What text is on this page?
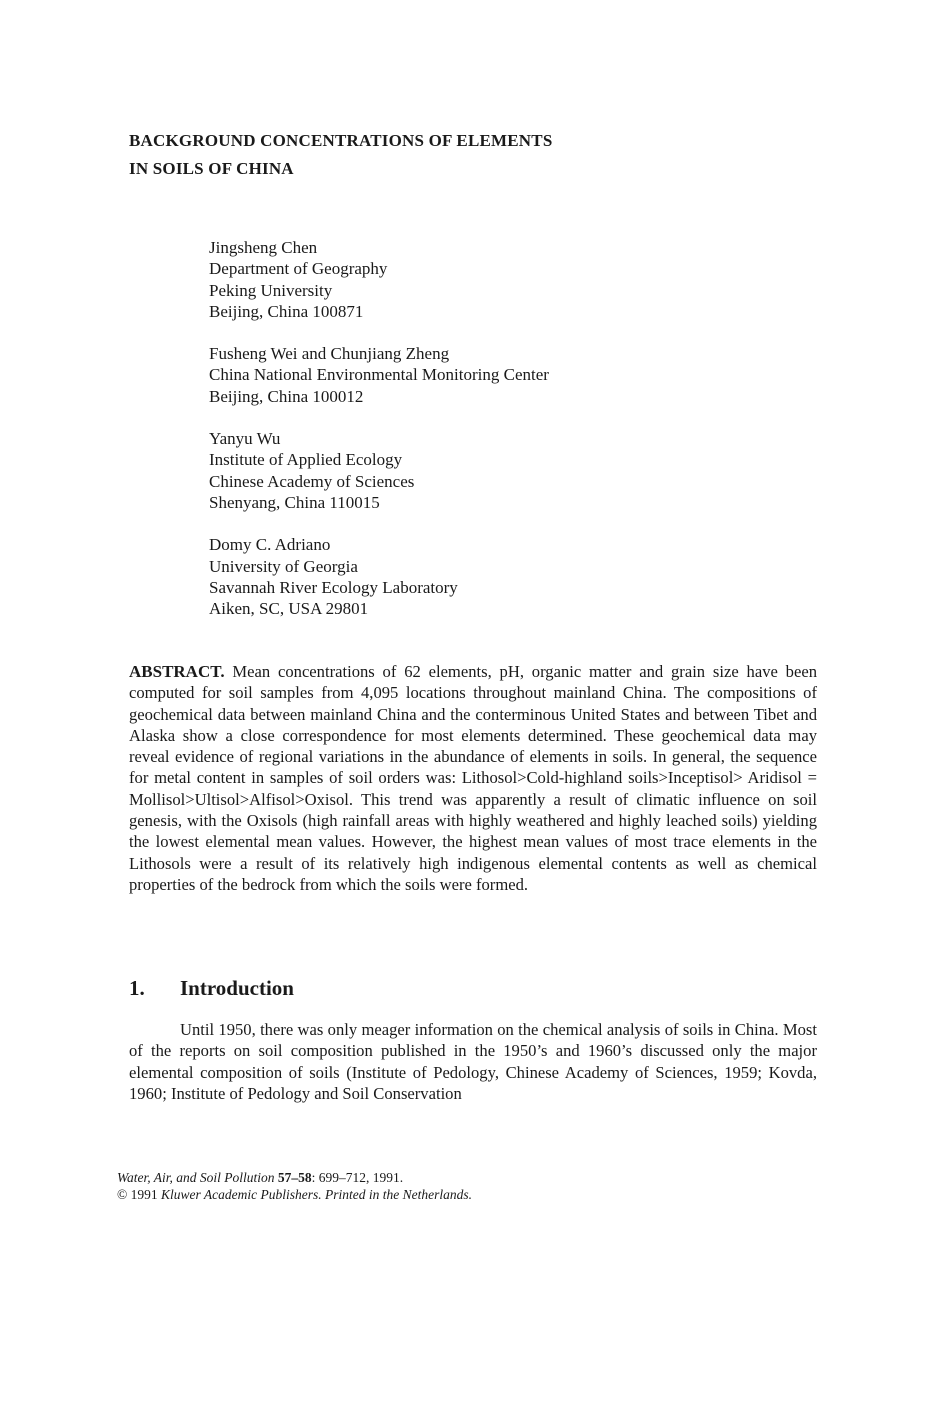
BACKGROUND CONCENTRATIONS OF ELEMENTS
IN SOILS OF CHINA
Jingsheng Chen
Department of Geography
Peking University
Beijing, China 100871
Fusheng Wei and Chunjiang Zheng
China National Environmental Monitoring Center
Beijing, China 100012
Yanyu Wu
Institute of Applied Ecology
Chinese Academy of Sciences
Shenyang, China 110015
Domy C. Adriano
University of Georgia
Savannah River Ecology Laboratory
Aiken, SC, USA 29801
ABSTRACT. Mean concentrations of 62 elements, pH, organic matter and grain size have been computed for soil samples from 4,095 locations throughout mainland China. The compositions of geochemical data between mainland China and the conterminous United States and between Tibet and Alaska show a close correspondence for most elements determined. These geochemical data may reveal evidence of regional variations in the abundance of elements in soils. In general, the sequence for metal content in samples of soil orders was: Lithosol>Cold-highland soils>Inceptisol> Aridisol = Mollisol>Ultisol>Alfisol>Oxisol. This trend was apparently a result of climatic influence on soil genesis, with the Oxisols (high rainfall areas with highly weathered and highly leached soils) yielding the lowest elemental mean values. However, the highest mean values of most trace elements in the Lithosols were a result of its relatively high indigenous elemental contents as well as chemical properties of the bedrock from which the soils were formed.
1. Introduction
Until 1950, there was only meager information on the chemical analysis of soils in China. Most of the reports on soil composition published in the 1950’s and 1960’s discussed only the major elemental composition of soils (Institute of Pedology, Chinese Academy of Sciences, 1959; Kovda, 1960; Institute of Pedology and Soil Conservation
Water, Air, and Soil Pollution 57–58: 699–712, 1991.
© 1991 Kluwer Academic Publishers. Printed in the Netherlands.
